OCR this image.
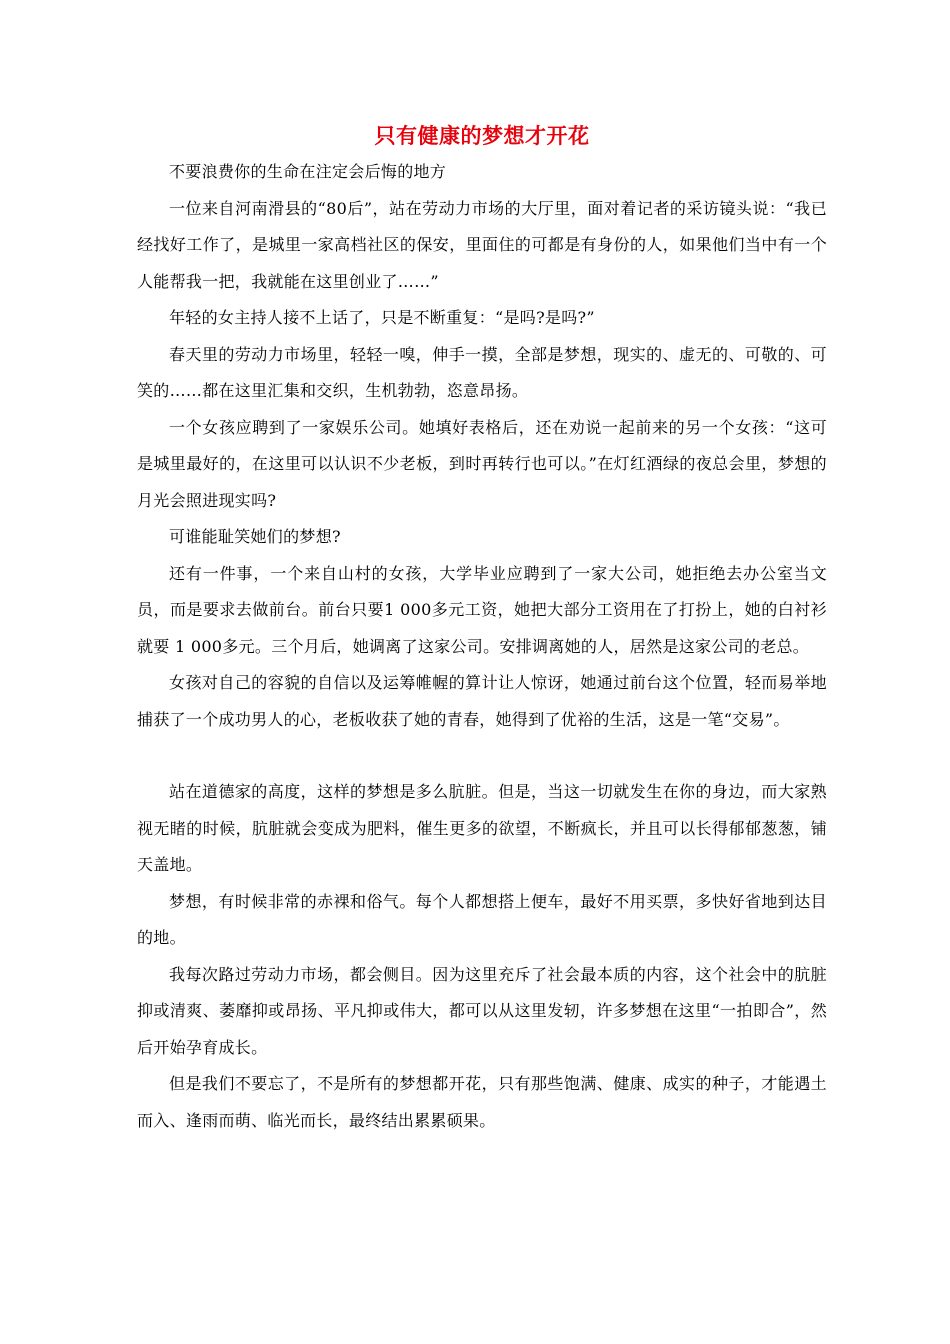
只有健康的梦想才开花

不要浪费你的生命在注定会后悔的地方

一位来自河南滑县的“80后”，站在劳动力市场的大厅里，面对着记者的采访镜头说：“我已经找好工作了，是城里一家高档社区的保安，里面住的可都是有身份的人，如果他们当中有一个人能帮我一把，我就能在这里创业了……”

年轻的女主持人接不上话了，只是不断重复：“是吗?是吗?”

春天里的劳动力市场里，轻轻一嗅，伸手一摸，全部是梦想，现实的、虚无的、可敬的、可笑的……都在这里汇集和交织，生机勃勃，恣意昂扬。

一个女孩应聘到了一家娱乐公司。她填好表格后，还在劝说一起前来的另一个女孩：“这可是城里最好的，在这里可以认识不少老板，到时再转行也可以。”在灯红酒绿的夜总会里，梦想的月光会照进现实吗?

可谁能耻笑她们的梦想?

还有一件事，一个来自山村的女孩，大学毕业应聘到了一家大公司，她拒绝去办公室当文员，而是要求去做前台。前台只要1 000多元工资，她把大部分工资用在了打扮上，她的白衬衫就要 1 000多元。三个月后，她调离了这家公司。安排调离她的人，居然是这家公司的老总。

女孩对自己的容貌的自信以及运筹帷幄的算计让人惊讶，她通过前台这个位置，轻而易举地捕获了一个成功男人的心，老板收获了她的青春，她得到了优裕的生活，这是一笔“交易”。

站在道德家的高度，这样的梦想是多么肮脏。但是，当这一切就发生在你的身边，而大家熟视无睹的时候，肮脏就会变成为肥料，催生更多的欲望，不断疯长，并且可以长得郁郁葱葱，铺天盖地。

梦想，有时候非常的赤裸和俗气。每个人都想搭上便车，最好不用买票，多快好省地到达目的地。

我每次路过劳动力市场，都会侧目。因为这里充斥了社会最本质的内容，这个社会中的肮脏抑或清爽、萎靡抑或昂扬、平凡抑或伟大，都可以从这里发轫，许多梦想在这里“一拍即合”，然后开始孕育成长。

但是我们不要忘了，不是所有的梦想都开花，只有那些饱满、健康、成实的种子，才能遇土而入、逢雨而萌、临光而长，最终结出累累硕果。
